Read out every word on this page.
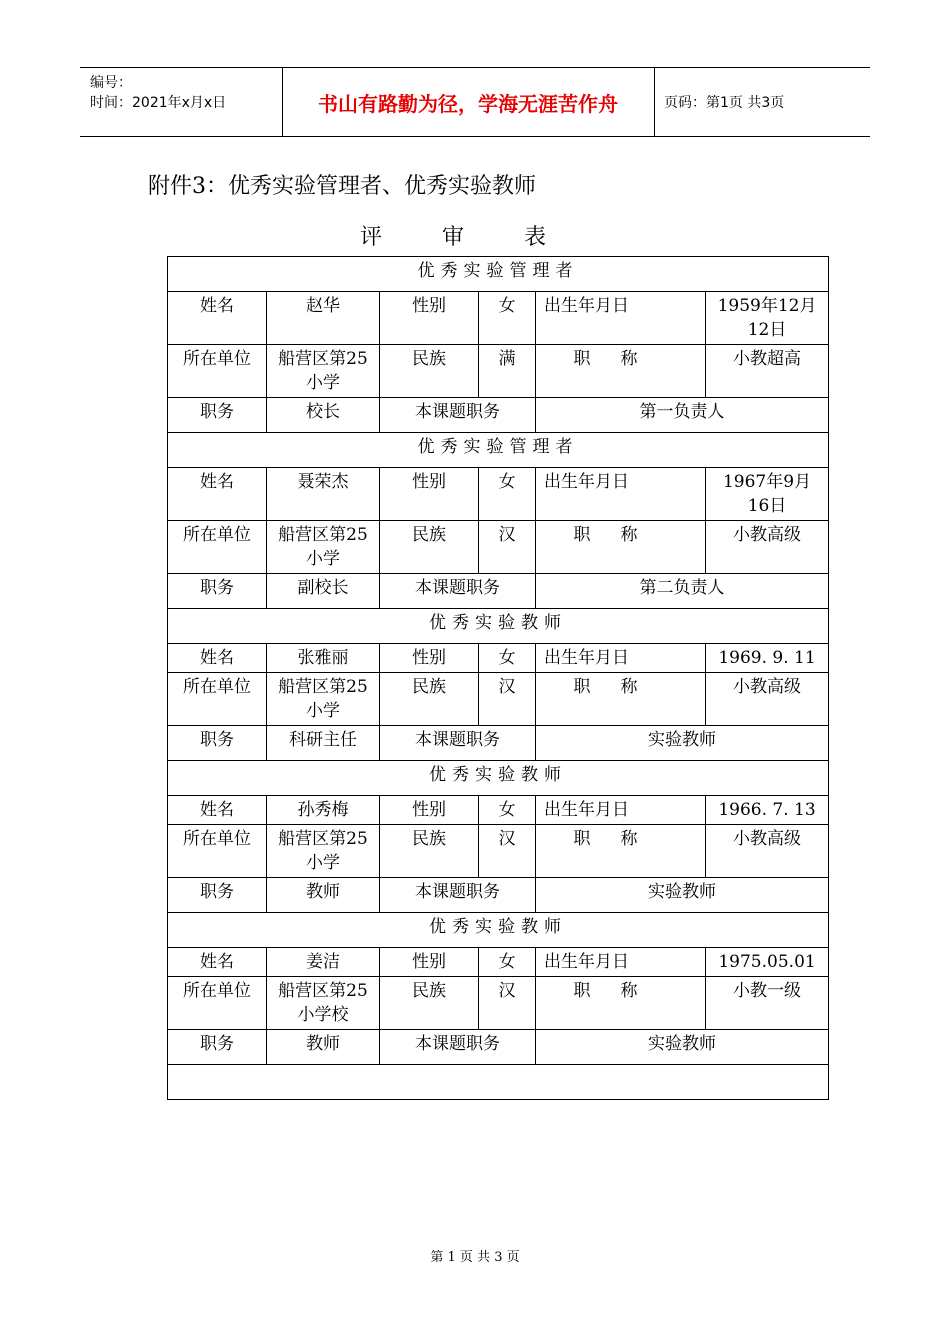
编号：
时间：2021年x月x日	书山有路勤为径，学海无涯苦作舟	页码：第1页 共3页
附件3：优秀实验管理者、优秀实验教师
评审表
优秀实验管理者					
姓名	赵华	性别	女	出生年月日	1959年12月12日
所在单位	船营区第25小学	民族	满	职称	小教超高
职务	校长	本课题职务		第一负责人	
优秀实验管理者					
姓名	聂荣杰	性别	女	出生年月日	1967年9月16日
所在单位	船营区第25小学	民族	汉	职称	小教高级
职务	副校长	本课题职务		第二负责人	
优秀实验教师					
姓名	张雅丽	性别	女	出生年月日	1969. 9. 11
所在单位	船营区第25小学	民族	汉	职称	小教高级
职务	科研主任	本课题职务		实验教师	
优秀实验教师					
姓名	孙秀梅	性别	女	出生年月日	1966. 7. 13
所在单位	船营区第25小学	民族	汉	职称	小教高级
职务	教师	本课题职务		实验教师	
优秀实验教师					
姓名	姜洁	性别	女	出生年月日	1975.05.01
所在单位	船营区第25小学校	民族	汉	职称	小教一级
职务	教师	本课题职务		实验教师	

第 1 页 共 3 页
